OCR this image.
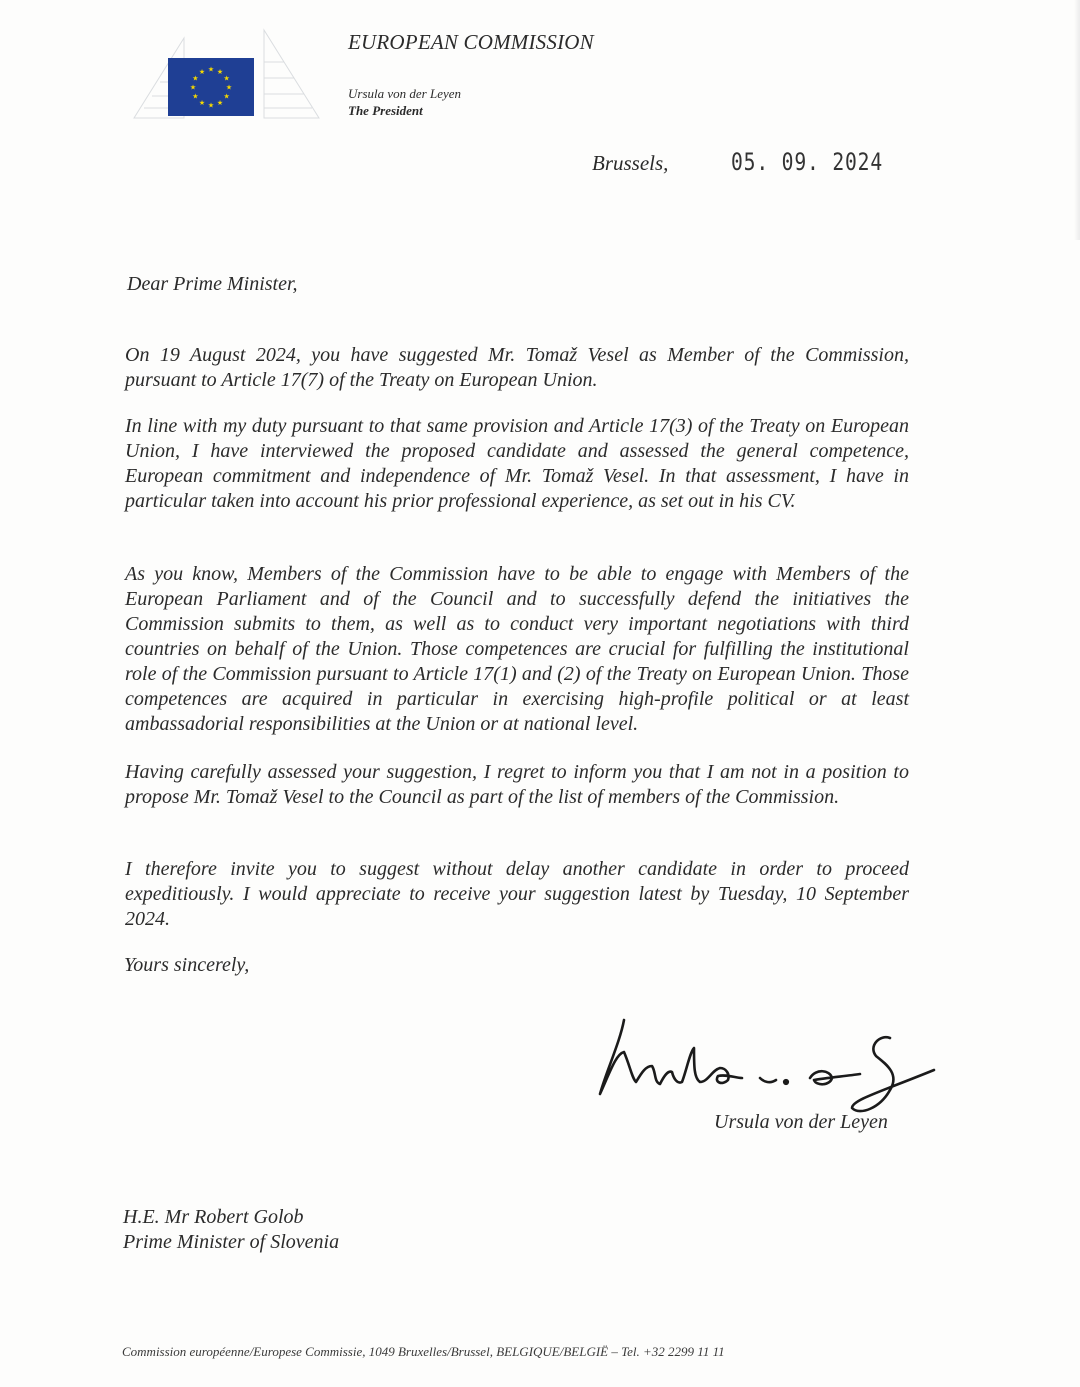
★ ★
★
★
★
★
★
★
★
★
★
★
EUROPEAN COMMISSION
Ursula von der Leyen
The President
Brussels,	05. 09. 2024
Dear Prime Minister,

On 19 August 2024, you have suggested Mr. Tomaž Vesel as Member of the Commission, pursuant to Article 17(7) of the Treaty on European Union.

In line with my duty pursuant to that same provision and Article 17(3) of the Treaty on European Union, I have interviewed the proposed candidate and assessed the general competence, European commitment and independence of Mr. Tomaž Vesel. In that assessment, I have in particular taken into account his prior professional experience, as set out in his CV.

As you know, Members of the Commission have to be able to engage with Members of the European Parliament and of the Council and to successfully defend the initiatives the Commission submits to them, as well as to conduct very important negotiations with third countries on behalf of the Union. Those competences are crucial for fulfilling the institutional role of the Commission pursuant to Article 17(1) and (2) of the Treaty on European Union. Those competences are acquired in particular in exercising high-profile political or at least ambassadorial responsibilities at the Union or at national level.

Having carefully assessed your suggestion, I regret to inform you that I am not in a position to propose Mr. Tomaž Vesel to the Council as part of the list of members of the Commission.

I therefore invite you to suggest without delay another candidate in order to proceed expeditiously. I would appreciate to receive your suggestion latest by Tuesday, 10 September 2024.

Yours sincerely,
Ursula von der Leyen
H.E. Mr Robert Golob
Prime Minister of Slovenia
Commission européenne/Europese Commissie, 1049 Bruxelles/Brussel, BELGIQUE/BELGIË – Tel. +32 2299 11 11
